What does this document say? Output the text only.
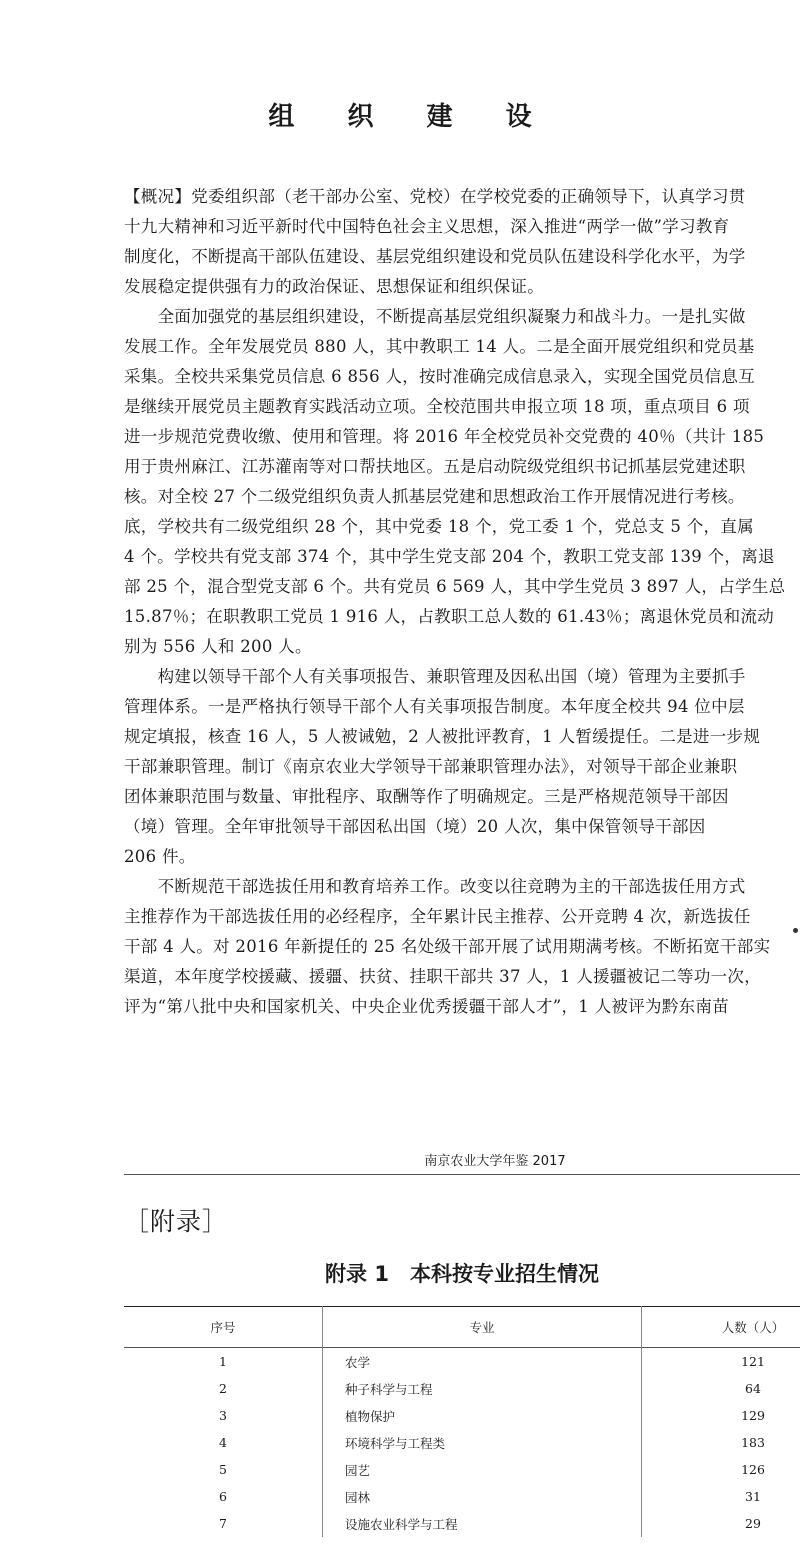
组 织 建 设
【概况】党委组织部（老干部办公室、党校）在学校党委的正确领导下，认真学习贯
十九大精神和习近平新时代中国特色社会主义思想，深入推进“两学一做”学习教育
制度化，不断提高干部队伍建设、基层党组织建设和党员队伍建设科学化水平，为学
发展稳定提供强有力的政治保证、思想保证和组织保证。
　　全面加强党的基层组织建设，不断提高基层党组织凝聚力和战斗力。一是扎实做
发展工作。全年发展党员 880 人，其中教职工 14 人。二是全面开展党组织和党员基
采集。全校共采集党员信息 6 856 人，按时准确完成信息录入，实现全国党员信息互
是继续开展党员主题教育实践活动立项。全校范围共申报立项 18 项，重点项目 6 项
进一步规范党费收缴、使用和管理。将 2016 年全校党员补交党费的 40％（共计 185
用于贵州麻江、江苏灌南等对口帮扶地区。五是启动院级党组织书记抓基层党建述职
核。对全校 27 个二级党组织负责人抓基层党建和思想政治工作开展情况进行考核。
底，学校共有二级党组织 28 个，其中党委 18 个，党工委 1 个，党总支 5 个，直属
4 个。学校共有党支部 374 个，其中学生党支部 204 个，教职工党支部 139 个，离退
部 25 个，混合型党支部 6 个。共有党员 6 569 人，其中学生党员 3 897 人，占学生总
15.87％；在职教职工党员 1 916 人，占教职工总人数的 61.43％；离退休党员和流动
别为 556 人和 200 人。
　　构建以领导干部个人有关事项报告、兼职管理及因私出国（境）管理为主要抓手
管理体系。一是严格执行领导干部个人有关事项报告制度。本年度全校共 94 位中层
规定填报，核查 16 人，5 人被诫勉，2 人被批评教育，1 人暂缓提任。二是进一步规
干部兼职管理。制订《南京农业大学领导干部兼职管理办法》，对领导干部企业兼职
团体兼职范围与数量、审批程序、取酬等作了明确规定。三是严格规范领导干部因
（境）管理。全年审批领导干部因私出国（境）20 人次，集中保管领导干部因
206 件。
　　不断规范干部选拔任用和教育培养工作。改变以往竞聘为主的干部选拔任用方式
主推荐作为干部选拔任用的必经程序，全年累计民主推荐、公开竞聘 4 次，新选拔任
干部 4 人。对 2016 年新提任的 25 名处级干部开展了试用期满考核。不断拓宽干部实
渠道，本年度学校援藏、援疆、扶贫、挂职干部共 37 人，1 人援疆被记二等功一次，
评为“第八批中央和国家机关、中央企业优秀援疆干部人才”，1 人被评为黔东南苗
南京农业大学年鉴 2017
［附录］
附录 1　本科按专业招生情况
序号	专业	人数（人）
1	农学	121
2	种子科学与工程	64
3	植物保护	129
4	环境科学与工程类	183
5	园艺	126
6	园林	31
7	设施农业科学与工程	29
